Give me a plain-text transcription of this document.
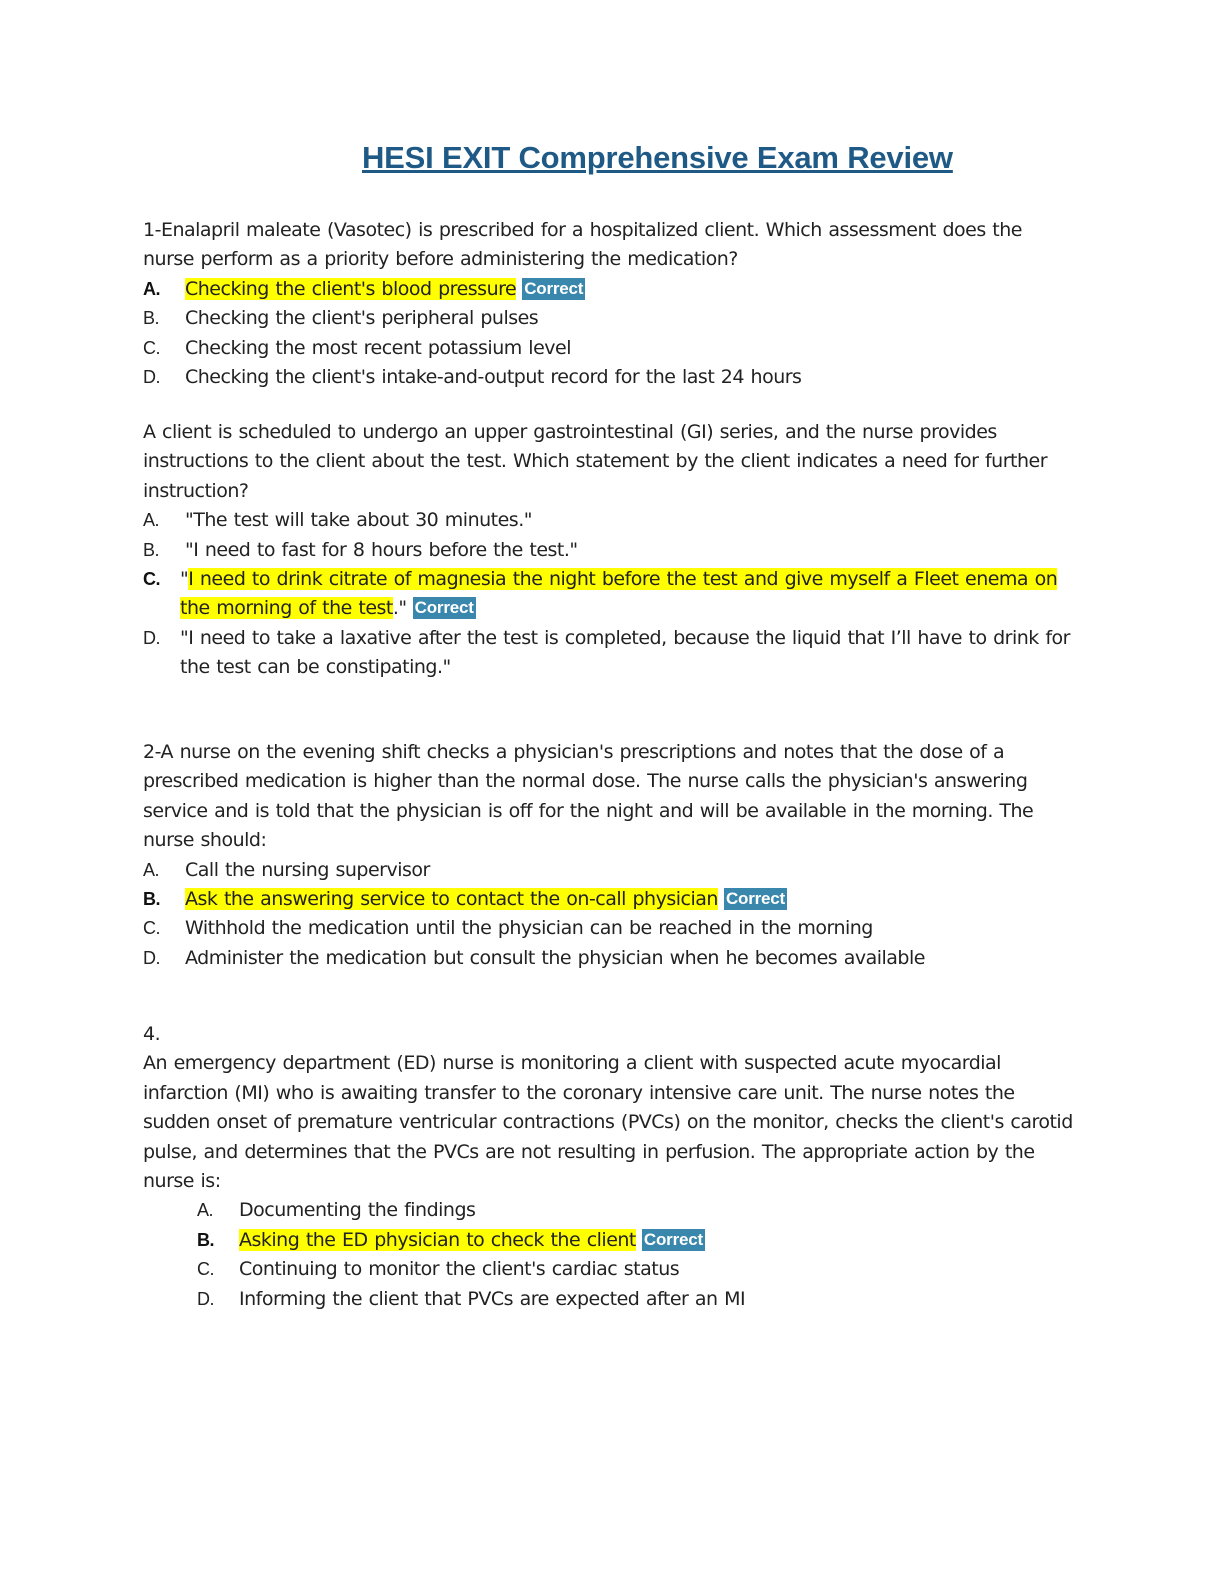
HESI EXIT Comprehensive Exam Review

1-Enalapril maleate (Vasotec) is prescribed for a hospitalized client. Which assessment does the nurse perform as a priority before administering the medication?

A.	Checking the client's blood pressure Correct
B.	Checking the client's peripheral pulses
C.	Checking the most recent potassium level
D.	Checking the client's intake-and-output record for the last 24 hours

A client is scheduled to undergo an upper gastrointestinal (GI) series, and the nurse provides instructions to the client about the test. Which statement by the client indicates a need for further instruction?

A.	"The test will take about 30 minutes."
B.	"I need to fast for 8 hours before the test."
C.	"I need to drink citrate of magnesia the night before the test and give myself a Fleet enema on the morning of the test." Correct
D.	"I need to take a laxative after the test is completed, because the liquid that I’ll have to drink for the test can be constipating."

2-A nurse on the evening shift checks a physician's prescriptions and notes that the dose of a prescribed medication is higher than the normal dose. The nurse calls the physician's answering service and is told that the physician is off for the night and will be available in the morning. The nurse should:

A.	Call the nursing supervisor
B.	Ask the answering service to contact the on-call physician Correct
C.	Withhold the medication until the physician can be reached in the morning
D.	Administer the medication but consult the physician when he becomes available

4.

An emergency department (ED) nurse is monitoring a client with suspected acute myocardial infarction (MI) who is awaiting transfer to the coronary intensive care unit. The nurse notes the sudden onset of premature ventricular contractions (PVCs) on the monitor, checks the client's carotid pulse, and determines that the PVCs are not resulting in perfusion. The appropriate action by the nurse is:

A.	Documenting the findings
B.	Asking the ED physician to check the client Correct
C.	Continuing to monitor the client's cardiac status
D.	Informing the client that PVCs are expected after an MI
